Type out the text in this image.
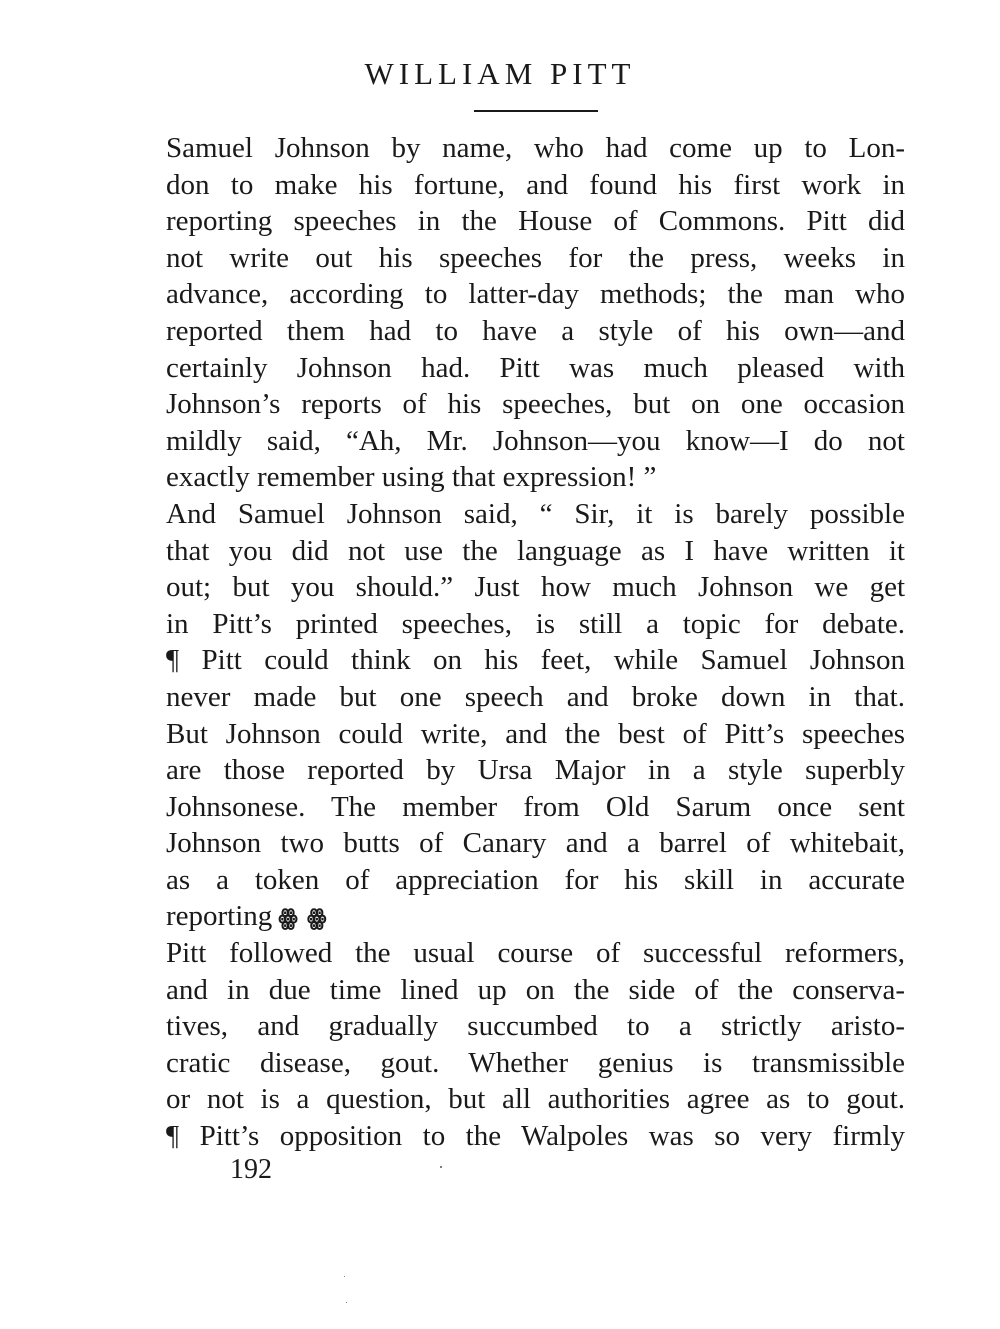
WILLIAM PITT
Samuel Johnson by name, who had come up to Lon-
don to make his fortune, and found his first work in
reporting speeches in the House of Commons. Pitt did
not write out his speeches for the press, weeks in
advance, according to latter-day methods; the man who
reported them had to have a style of his own—and
certainly Johnson had. Pitt was much pleased with
Johnson’s reports of his speeches, but on one occasion
mildly said, “Ah, Mr. Johnson—you know—I do not
exactly remember using that expression! ”
And Samuel Johnson said, “ Sir, it is barely possible
that you did not use the language as I have written it
out; but you should.” Just how much Johnson we get
in Pitt’s printed speeches, is still a topic for debate.
¶ Pitt could think on his feet, while Samuel Johnson
never made but one speech and broke down in that.
But Johnson could write, and the best of Pitt’s speeches
are those reported by Ursa Major in a style superbly
Johnsonese. The member from Old Sarum once sent
Johnson two butts of Canary and a barrel of whitebait,
as a token of appreciation for his skill in accurate
reporting ꙮ ꙮ
Pitt followed the usual course of successful reformers,
and in due time lined up on the side of the conserva-
tives, and gradually succumbed to a strictly aristo-
cratic disease, gout. Whether genius is transmissible
or not is a question, but all authorities agree as to gout.
¶ Pitt’s opposition to the Walpoles was so very firmly
192
